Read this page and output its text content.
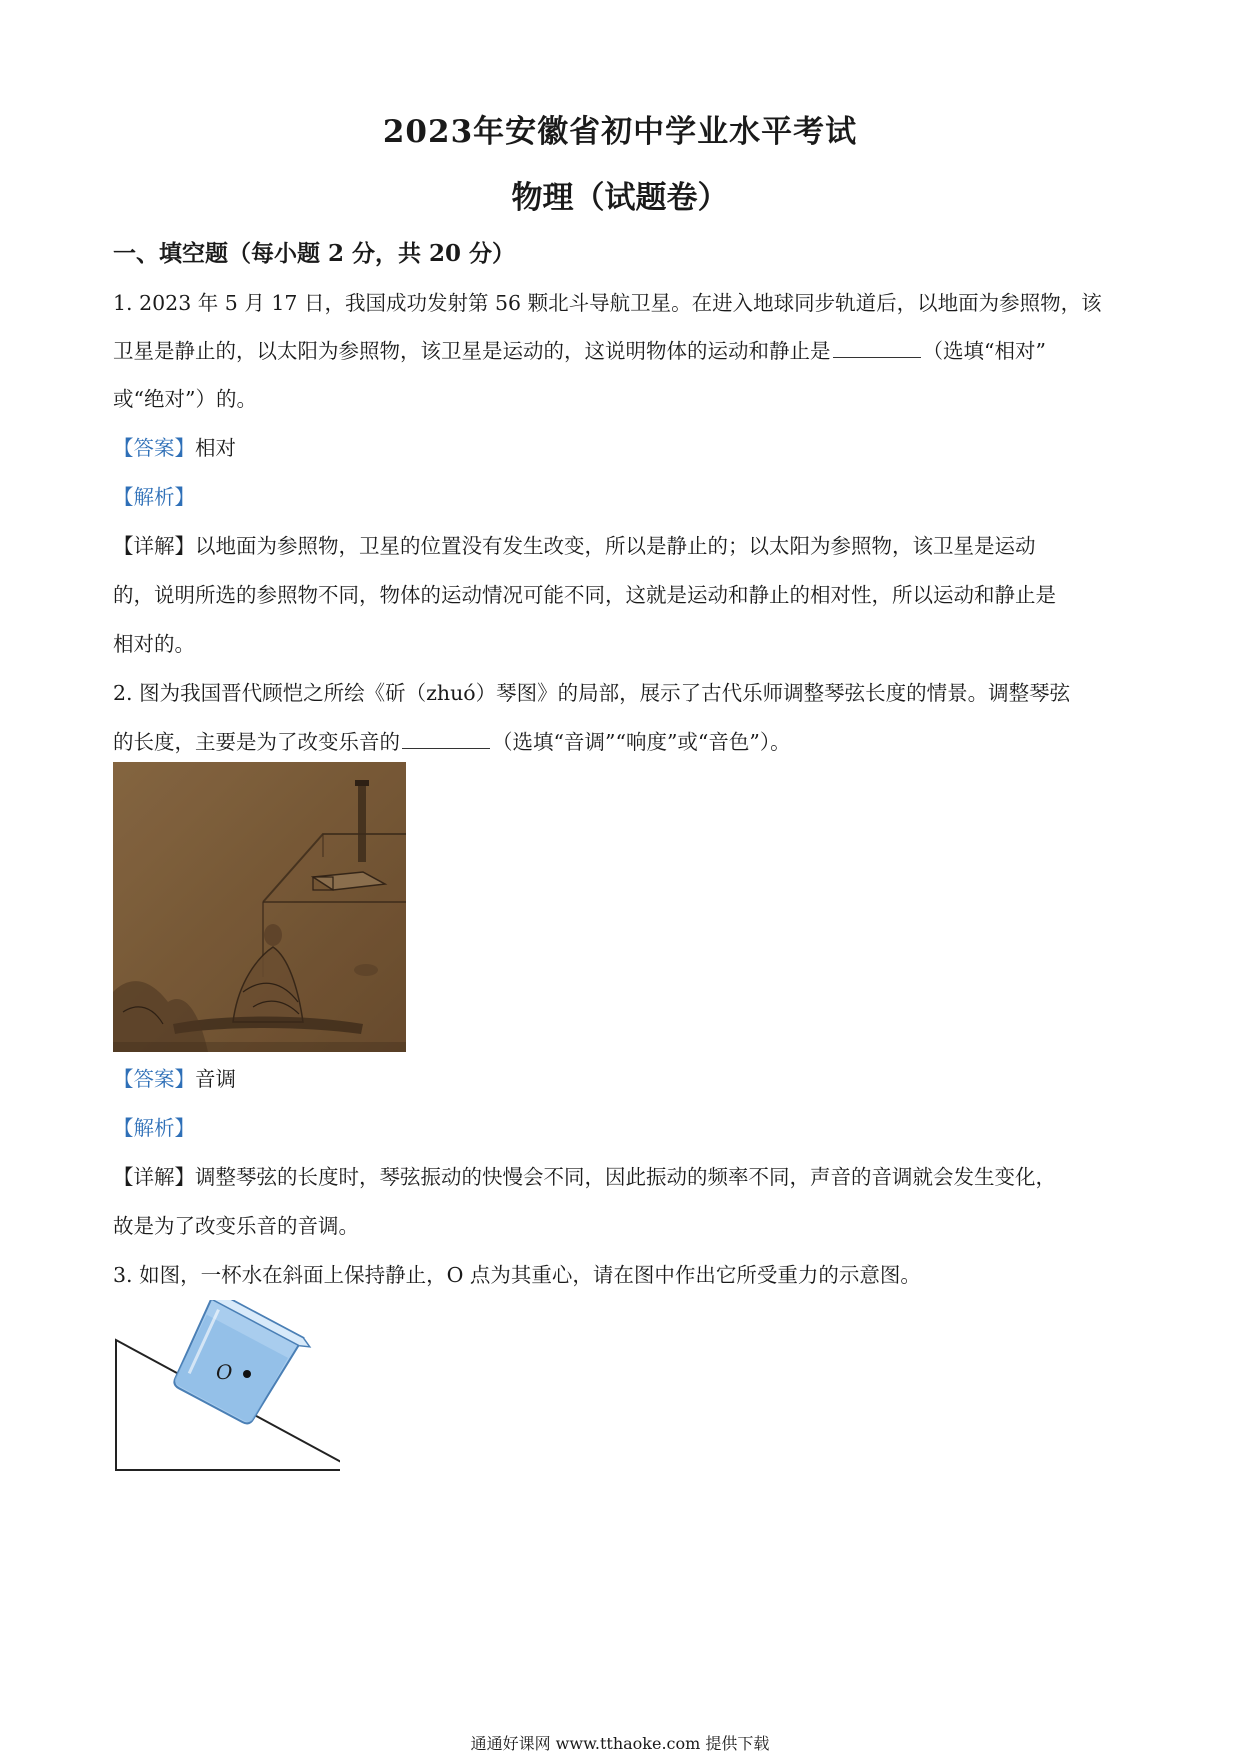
2023年安徽省初中学业水平考试
物理（试题卷）
一、填空题（每小题 2 分，共 20 分）
1. 2023 年 5 月 17 日，我国成功发射第 56 颗北斗导航卫星。在进入地球同步轨道后，以地面为参照物，该
卫星是静止的，以太阳为参照物，该卫星是运动的，这说明物体的运动和静止是	（选填“相对”
或“绝对”）的。
【答案】相对
【解析】
【详解】以地面为参照物，卫星的位置没有发生改变，所以是静止的；以太阳为参照物，该卫星是运动
的，说明所选的参照物不同，物体的运动情况可能不同，这就是运动和静止的相对性，所以运动和静止是
相对的。
2. 图为我国晋代顾恺之所绘《斫（zhuó）琴图》的局部，展示了古代乐师调整琴弦长度的情景。调整琴弦
的长度，主要是为了改变乐音的	（选填“音调”“响度”或“音色”）。
【答案】音调
【解析】
【详解】调整琴弦的长度时，琴弦振动的快慢会不同，因此振动的频率不同，声音的音调就会发生变化，
故是为了改变乐音的音调。
3. 如图，一杯水在斜面上保持静止，O 点为其重心，请在图中作出它所受重力的示意图。
O
通通好课网 www.tthaoke.com 提供下载
